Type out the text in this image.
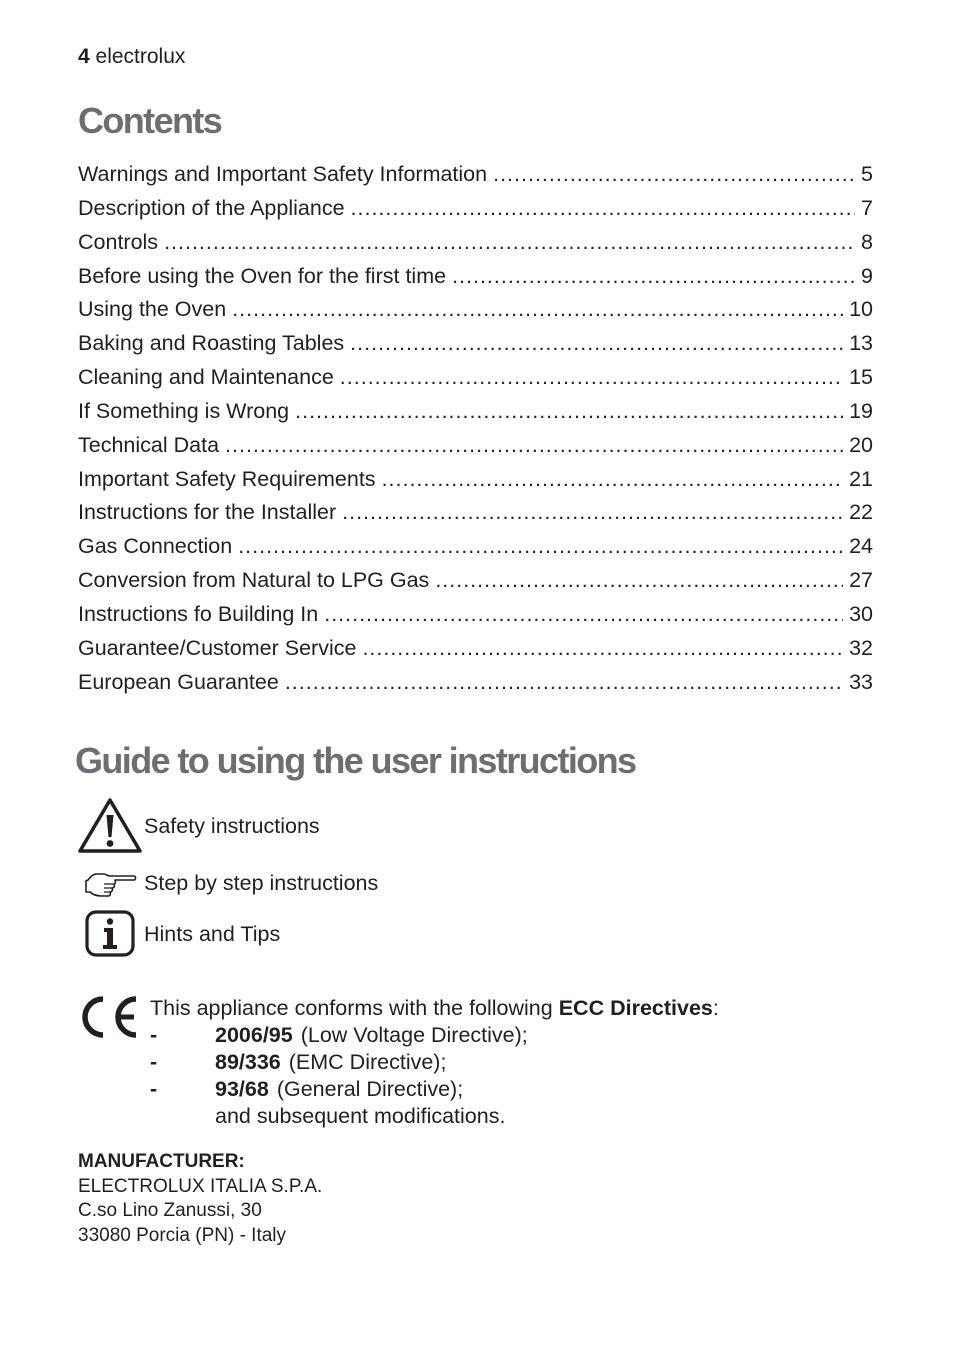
4 electrolux
Contents
Warnings and Important Safety Information .....	5
Description of the Appliance .....	7
Controls .....	8
Before using the Oven for the first time .....	9
Using the Oven .....	10
Baking and Roasting Tables .....	13
Cleaning and Maintenance .....	15
If Something is Wrong .....	19
Technical Data .....	20
Important Safety Requirements .....	21
Instructions for the Installer .....	22
Gas Connection .....	24
Conversion from Natural to LPG Gas .....	27
Instructions fo Building In .....	30
Guarantee/Customer Service .....	32
European Guarantee .....	33
Guide to using the user instructions
Safety instructions
Step by step instructions
Hints and Tips
This appliance conforms with the following ECC Directives:
-	2006/95 (Low Voltage Directive);
-	89/336 (EMC Directive);
-	93/68 (General Directive);
and subsequent modifications.
MANUFACTURER:
ELECTROLUX ITALIA S.P.A.
C.so Lino Zanussi, 30
33080 Porcia (PN) - Italy
